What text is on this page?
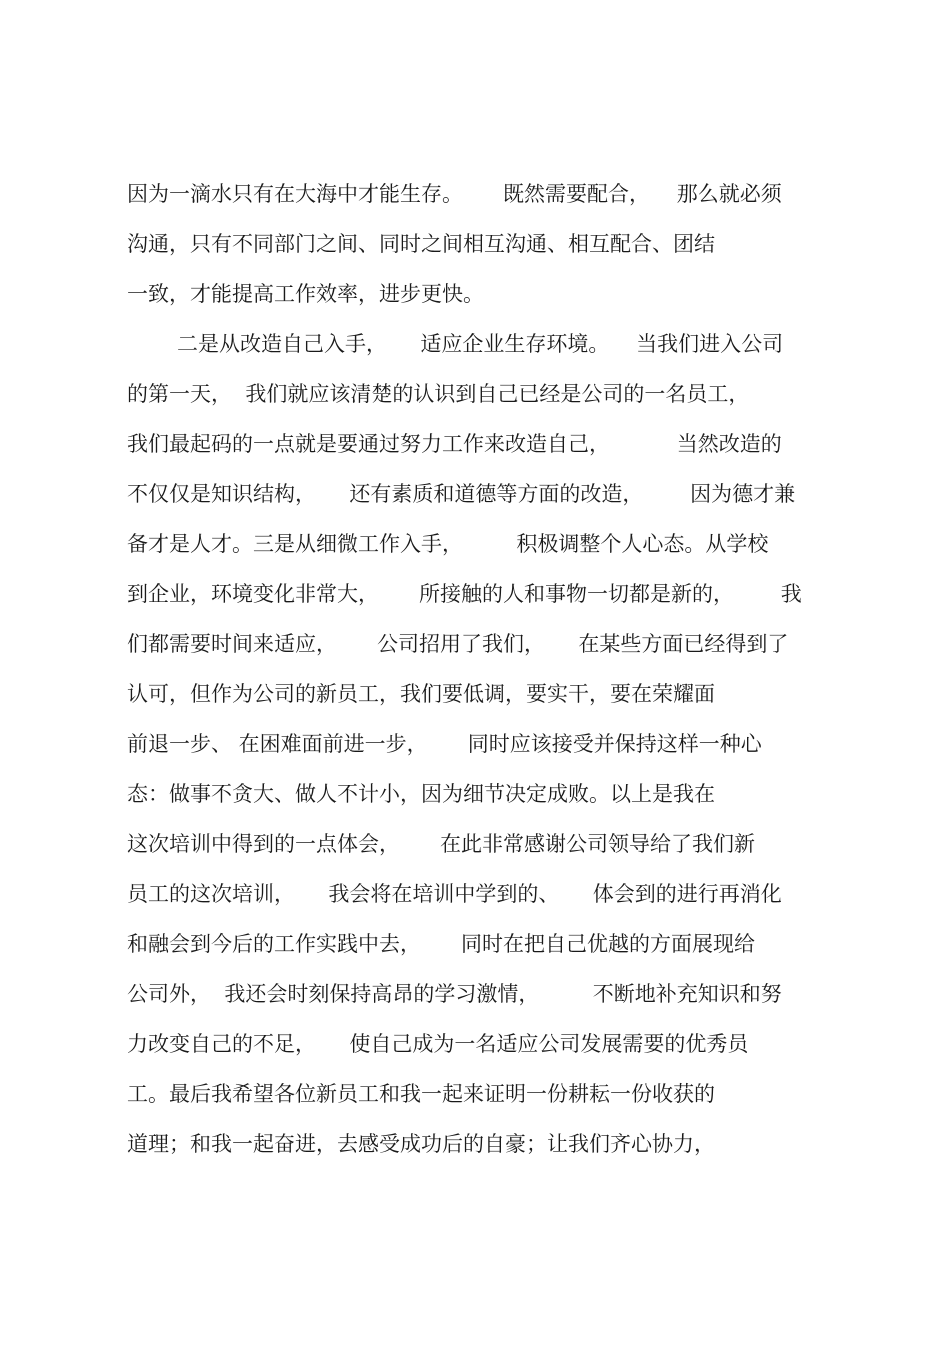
因为一滴水只有在大海中才能生存。      既然需要配合，    那么就必须
沟通，只有不同部门之间、同时之间相互沟通、相互配合、团结
一致，才能提高工作效率，进步更快。
二是从改造自己入手，     适应企业生存环境。    当我们进入公司
的第一天，  我们就应该清楚的认识到自己已经是公司的一名员工，
我们最起码的一点就是要通过努力工作来改造自己，          当然改造的
不仅仅是知识结构，     还有素质和道德等方面的改造，       因为德才兼
备才是人才。三是从细微工作入手，        积极调整个人心态。从学校
到企业，环境变化非常大，      所接触的人和事物一切都是新的，       我
们都需要时间来适应，      公司招用了我们，     在某些方面已经得到了
认可，但作为公司的新员工，我们要低调，要实干，要在荣耀面
前退一步、 在困难面前进一步，      同时应该接受并保持这样一种心
态：做事不贪大、做人不计小，因为细节决定成败。以上是我在
这次培训中得到的一点体会，      在此非常感谢公司领导给了我们新
员工的这次培训，     我会将在培训中学到的、     体会到的进行再消化
和融会到今后的工作实践中去，      同时在把自己优越的方面展现给
公司外，  我还会时刻保持高昂的学习激情，        不断地补充知识和努
力改变自己的不足，     使自己成为一名适应公司发展需要的优秀员
工。最后我希望各位新员工和我一起来证明一份耕耘一份收获的
道理；和我一起奋进，去感受成功后的自豪；让我们齐心协力，
